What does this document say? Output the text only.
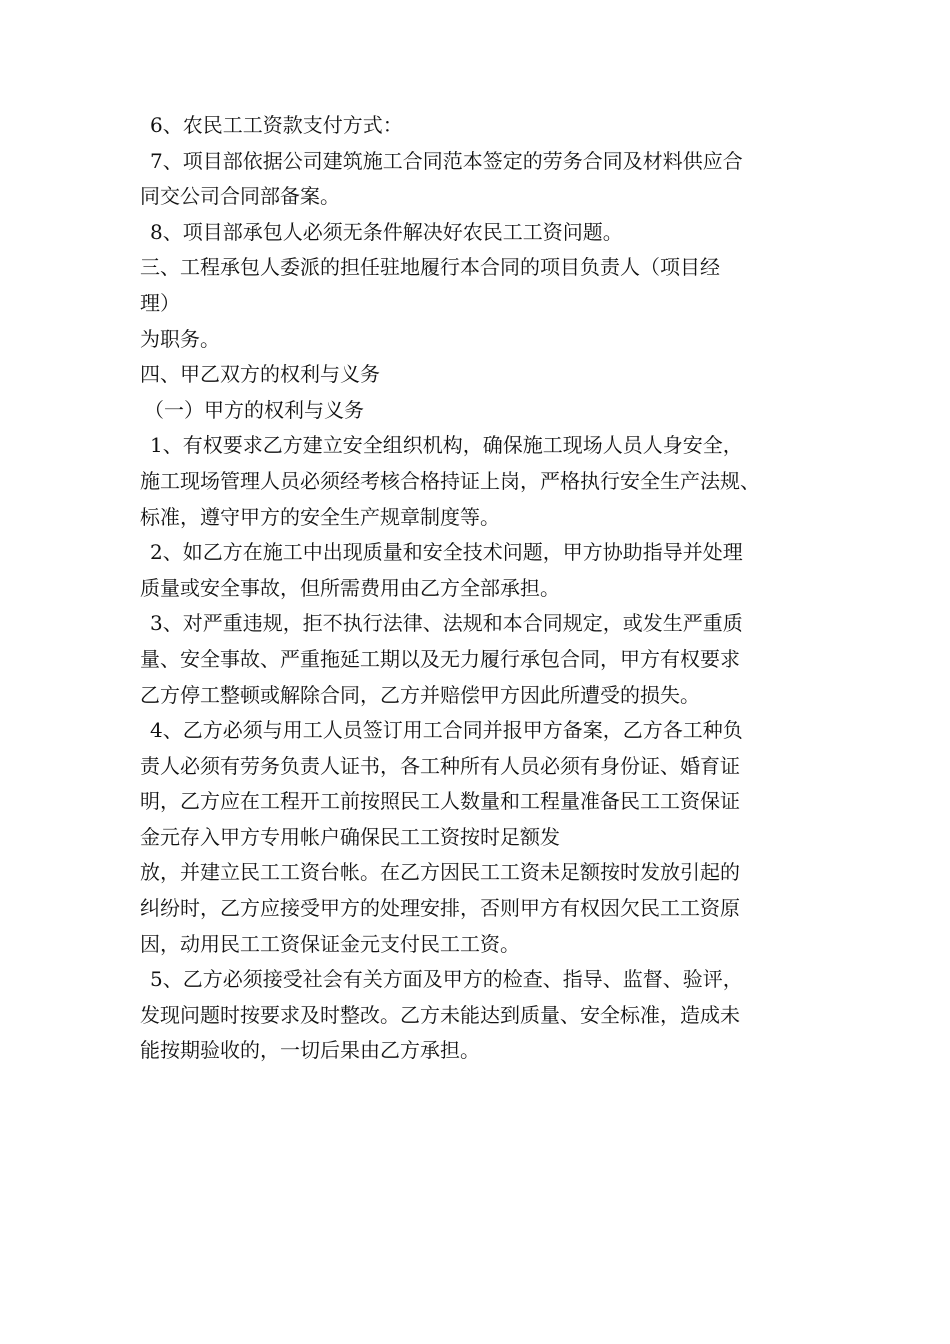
6、农民工工资款支付方式：
7、项目部依据公司建筑施工合同范本签定的劳务合同及材料供应合
同交公司合同部备案。
8、项目部承包人必须无条件解决好农民工工资问题。
三、工程承包人委派的担任驻地履行本合同的项目负责人（项目经
理）
为职务。
四、甲乙双方的权利与义务
（一）甲方的权利与义务
1、有权要求乙方建立安全组织机构，确保施工现场人员人身安全，
施工现场管理人员必须经考核合格持证上岗，严格执行安全生产法规、
标准，遵守甲方的安全生产规章制度等。
2、如乙方在施工中出现质量和安全技术问题，甲方协助指导并处理
质量或安全事故，但所需费用由乙方全部承担。
3、对严重违规，拒不执行法律、法规和本合同规定，或发生严重质
量、安全事故、严重拖延工期以及无力履行承包合同，甲方有权要求
乙方停工整顿或解除合同，乙方并赔偿甲方因此所遭受的损失。
4、乙方必须与用工人员签订用工合同并报甲方备案，乙方各工种负
责人必须有劳务负责人证书，各工种所有人员必须有身份证、婚育证
明，乙方应在工程开工前按照民工人数量和工程量准备民工工资保证
金元存入甲方专用帐户确保民工工资按时足额发
放，并建立民工工资台帐。在乙方因民工工资未足额按时发放引起的
纠纷时，乙方应接受甲方的处理安排，否则甲方有权因欠民工工资原
因，动用民工工资保证金元支付民工工资。
5、乙方必须接受社会有关方面及甲方的检查、指导、监督、验评，
发现问题时按要求及时整改。乙方未能达到质量、安全标准，造成未
能按期验收的，一切后果由乙方承担。
